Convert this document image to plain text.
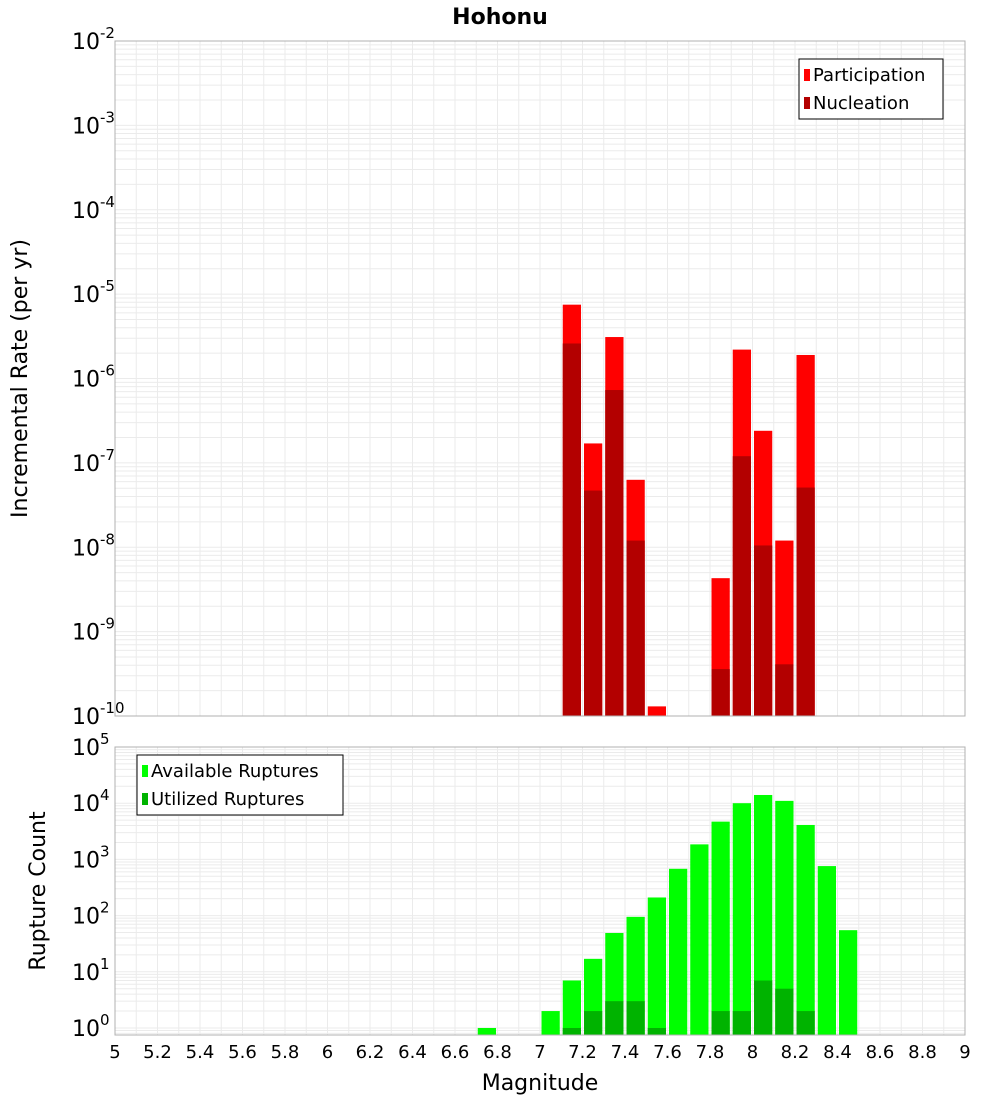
Hohonu
$10^{-2}$
$10^{-3}$
$10^{-4}$
$10^{-5}$
$10^{-6}$
$10^{-7}$
$10^{-8}$
$10^{-9}$
$10^{-10}$
Incremental Rate (per yr)
Participation
Nucleation
$10^5$
$10^4$
$10^3$
$10^2$
$10^1$
$10^0$
5 5.2 5.4 5.6 5.8 6 6.2 6.4 6.6 6.8 7 7.2 7.4 7.6 7.8 8 8.2 8.4 8.6 8.8 9
Rupture Count
Magnitude
Available Ruptures
Utilized Ruptures
